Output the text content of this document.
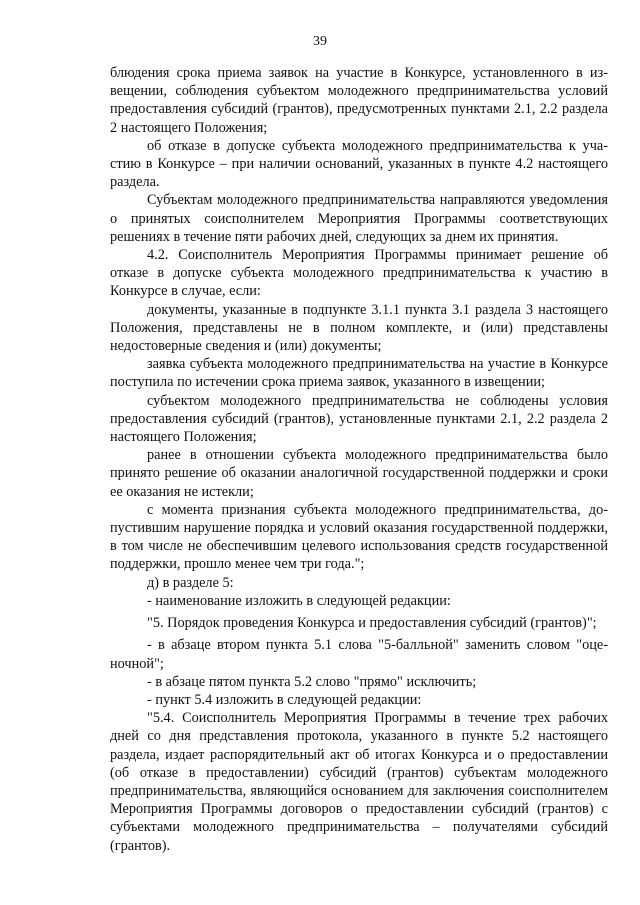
39

блюдения срока приема заявок на участие в Конкурсе, установленного в извещении, соблюдения субъектом молодежного предпринимательства условий предоставления субсидий (грантов), предусмотренных пунктами 2.1, 2.2 раздела 2 настоящего Положения;

об отказе в допуске субъекта молодежного предпринимательства к участию в Конкурсе – при наличии оснований, указанных в пункте 4.2 настоящего раздела.

Субъектам молодежного предпринимательства направляются уведомления о принятых соисполнителем Мероприятия Программы соответствующих решениях в течение пяти рабочих дней, следующих за днем их принятия.

4.2. Соисполнитель Мероприятия Программы принимает решение об отказе в допуске субъекта молодежного предпринимательства к участию в Конкурсе в случае, если:

документы, указанные в подпункте 3.1.1 пункта 3.1 раздела 3 настоящего Положения, представлены не в полном комплекте, и (или) представлены недостоверные сведения и (или) документы;

заявка субъекта молодежного предпринимательства на участие в Конкурсе поступила по истечении срока приема заявок, указанного в извещении;

субъектом молодежного предпринимательства не соблюдены условия предоставления субсидий (грантов), установленные пунктами 2.1, 2.2 раздела 2 настоящего Положения;

ранее в отношении субъекта молодежного предпринимательства было принято решение об оказании аналогичной государственной поддержки и сроки ее оказания не истекли;

с момента признания субъекта молодежного предпринимательства, допустившим нарушение порядка и условий оказания государственной поддержки, в том числе не обеспечившим целевого использования средств государственной поддержки, прошло менее чем три года.";

д) в разделе 5:

- наименование изложить в следующей редакции:

"5. Порядок проведения Конкурса и предоставления субсидий (грантов)";

- в абзаце втором пункта 5.1 слова "5-балльной" заменить словом "оценочной";

- в абзаце пятом пункта 5.2 слово "прямо" исключить;

- пункт 5.4 изложить в следующей редакции:

"5.4. Соисполнитель Мероприятия Программы в течение трех рабочих дней со дня представления протокола, указанного в пункте 5.2 настоящего раздела, издает распорядительный акт об итогах Конкурса и о предоставлении (об отказе в предоставлении) субсидий (грантов) субъектам молодежного предпринимательства, являющийся основанием для заключения соисполнителем Мероприятия Программы договоров о предоставлении субсидий (грантов) с субъектами молодежного предпринимательства – получателями субсидий (грантов).
